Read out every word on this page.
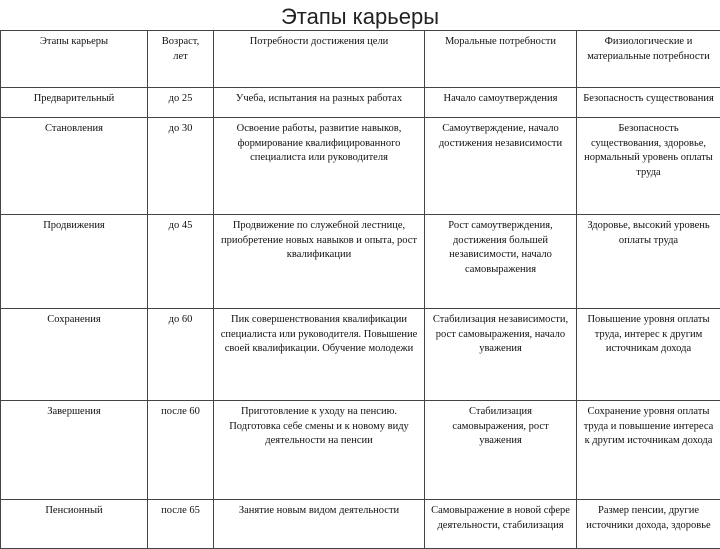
Этапы карьеры
Этапы карьеры	Возраст, лет	Потребности достижения цели	Моральные потребности	Физиологические и материальные потребности
Предварительный	до 25	Учеба, испытания на разных работах	Начало самоутверждения	Безопасность существования
Становления	до 30	Освоение работы, развитие навыков, формирование квалифицированного специалиста или руководителя	Самоутверждение, начало достижения независимости	Безопасность существования, здоровье, нормальный уровень оплаты труда
Продвижения	до 45	Продвижение по служебной лестнице, приобретение новых навыков и опыта, рост квалификации	Рост самоутверждения, достижения большей независимости, начало самовыражения	Здоровье, высокий уровень оплаты труда
Сохранения	до 60	Пик совершенствования квалификации специалиста или руководителя. Повышение своей квалификации. Обучение молодежи	Стабилизация независимости, рост самовыражения, начало уважения	Повышение уровня оплаты труда, интерес к другим источникам дохода
Завершения	после 60	Приготовление к уходу на пенсию. Подготовка себе смены и к новому виду деятельности на пенсии	Стабилизация самовыражения, рост уважения	Сохранение уровня оплаты труда и повышение интереса к другим источникам дохода
Пенсионный	после 65	Занятие новым видом деятельности	Самовыражение в новой сфере деятельности, стабилизация	Размер пенсии, другие источники дохода, здоровье
